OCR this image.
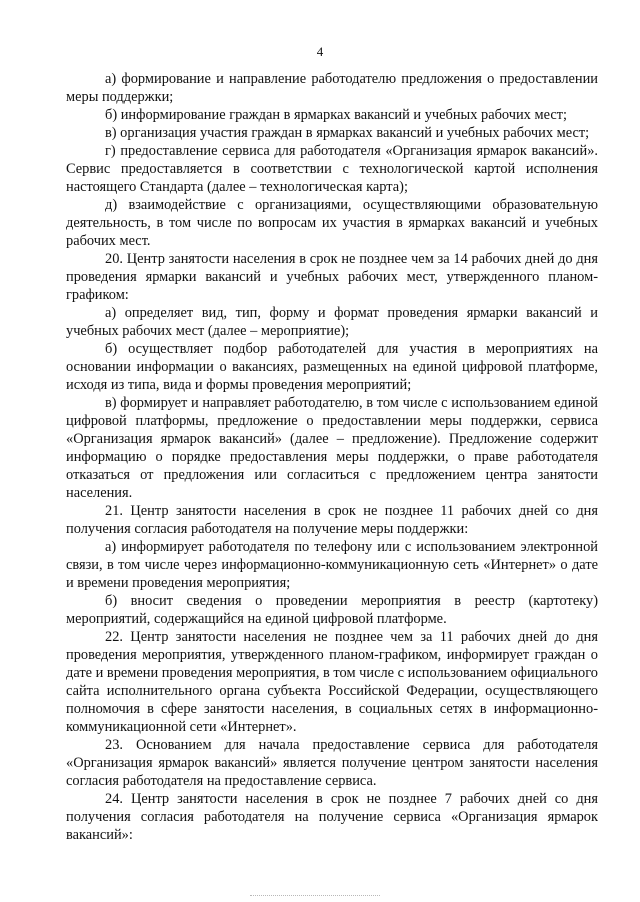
4

а) формирование и направление работодателю предложения о предоставлении меры поддержки;

б) информирование граждан в ярмарках вакансий и учебных рабочих мест;

в) организация участия граждан в ярмарках вакансий и учебных рабочих мест;

г) предоставление сервиса для работодателя «Организация ярмарок вакансий». Сервис предоставляется в соответствии с технологической картой исполнения настоящего Стандарта (далее – технологическая карта);

д) взаимодействие с организациями, осуществляющими образовательную деятельность, в том числе по вопросам их участия в ярмарках вакансий и учебных рабочих мест.

20. Центр занятости населения в срок не позднее чем за 14 рабочих дней до дня проведения ярмарки вакансий и учебных рабочих мест, утвержденного планом-графиком:

а) определяет вид, тип, форму и формат проведения ярмарки вакансий и учебных рабочих мест (далее – мероприятие);

б) осуществляет подбор работодателей для участия в мероприятиях на основании информации о вакансиях, размещенных на единой цифровой платформе, исходя из типа, вида и формы проведения мероприятий;

в) формирует и направляет работодателю, в том числе с использованием единой цифровой платформы, предложение о предоставлении меры поддержки, сервиса «Организация ярмарок вакансий» (далее – предложение). Предложение содержит информацию о порядке предоставления меры поддержки, о праве работодателя отказаться от предложения или согласиться с предложением центра занятости населения.

21. Центр занятости населения в срок не позднее 11 рабочих дней со дня получения согласия работодателя на получение меры поддержки:

а) информирует работодателя по телефону или с использованием электронной связи, в том числе через информационно-коммуникационную сеть «Интернет» о дате и времени проведения мероприятия;

б) вносит сведения о проведении мероприятия в реестр (картотеку) мероприятий, содержащийся на единой цифровой платформе.

22. Центр занятости населения не позднее чем за 11 рабочих дней до дня проведения мероприятия, утвержденного планом-графиком, информирует граждан о дате и времени проведения мероприятия, в том числе с использованием официального сайта исполнительного органа субъекта Российской Федерации, осуществляющего полномочия в сфере занятости населения, в социальных сетях в информационно-коммуникационной сети «Интернет».

23. Основанием для начала предоставление сервиса для работодателя «Организация ярмарок вакансий» является получение центром занятости населения согласия работодателя на предоставление сервиса.

24. Центр занятости населения в срок не позднее 7 рабочих дней со дня получения согласия работодателя на получение сервиса «Организация ярмарок вакансий»:
